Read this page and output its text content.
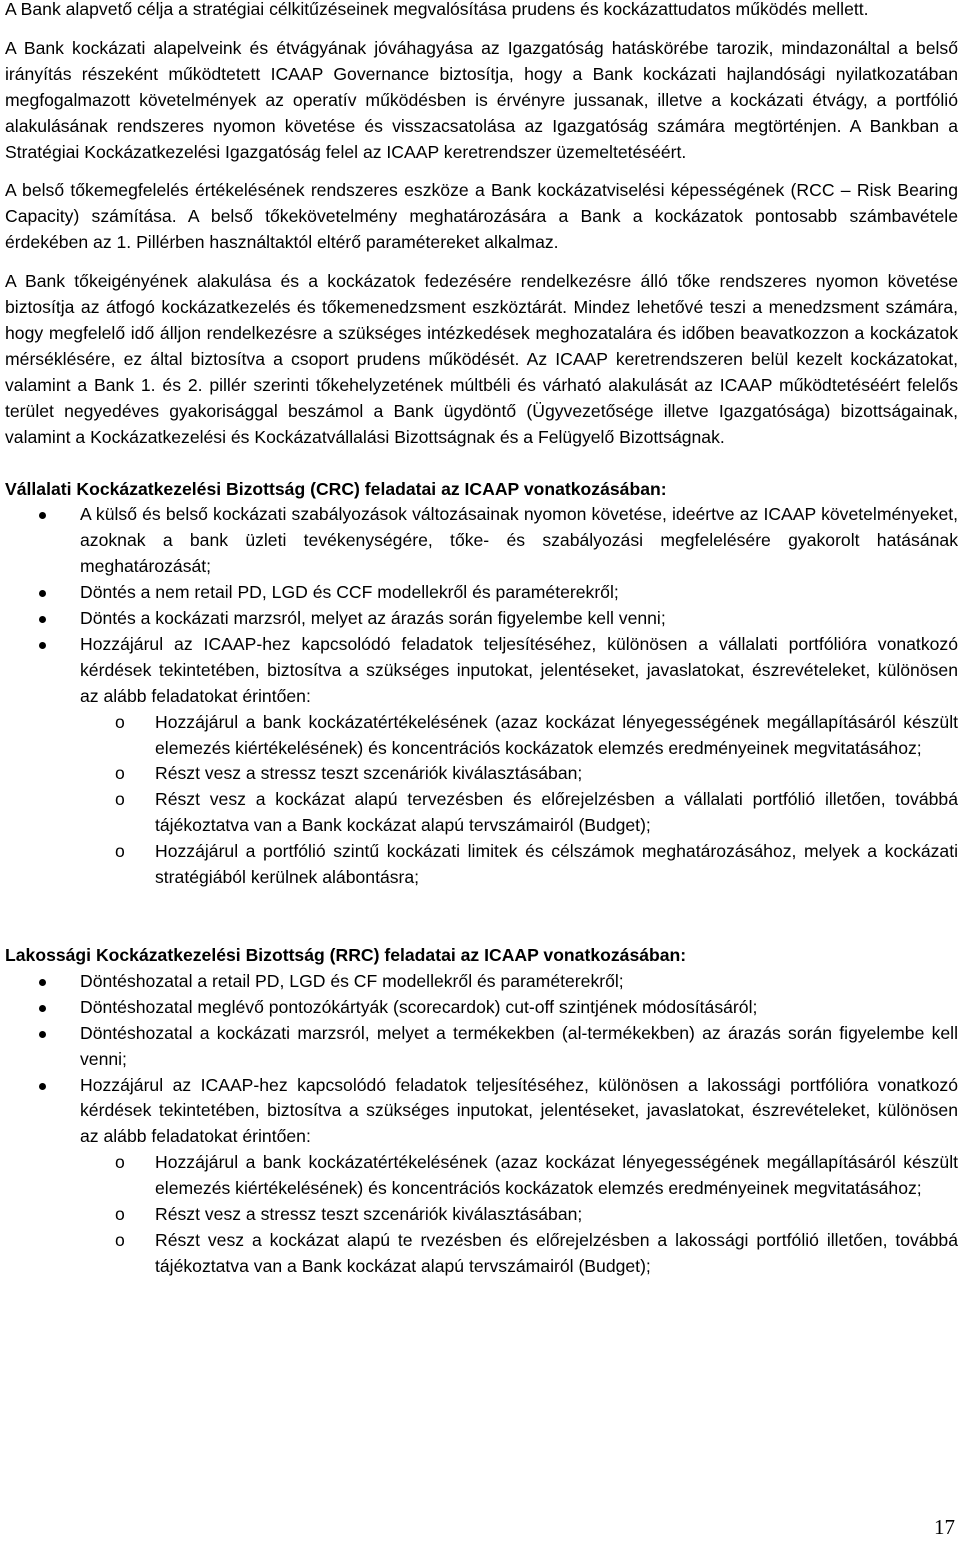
A Bank alapvető célja a stratégiai célkitűzéseinek megvalósítása prudens és kockázattudatos működés mellett.

A Bank kockázati alapelveink és étvágyának jóváhagyása az Igazgatóság hatáskörébe tarozik, mindazonáltal a belső irányítás részeként működtetett ICAAP Governance biztosítja, hogy a Bank kockázati hajlandósági nyilatkozatában megfogalmazott követelmények az operatív működésben is érvényre jussanak, illetve a kockázati étvágy, a portfólió alakulásának rendszeres nyomon követése és visszacsatolása az Igazgatóság számára megtörténjen. A Bankban a Stratégiai Kockázatkezelési Igazgatóság felel az ICAAP keretrendszer üzemeltetéséért.

A belső tőkemegfelelés értékelésének rendszeres eszköze a Bank kockázatviselési képességének (RCC – Risk Bearing Capacity) számítása. A belső tőkekövetelmény meghatározására a Bank a kockázatok pontosabb számbavétele érdekében az 1. Pillérben használtaktól eltérő paramétereket alkalmaz.

A Bank tőkeigényének alakulása és a kockázatok fedezésére rendelkezésre álló tőke rendszeres nyomon követése biztosítja az átfogó kockázatkezelés és tőkemenedzsment eszköztárát. Mindez lehetővé teszi a menedzsment számára, hogy megfelelő idő álljon rendelkezésre a szükséges intézkedések meghozatalára és időben beavatkozzon a kockázatok mérséklésére, ez által biztosítva a csoport prudens működését. Az ICAAP keretrendszeren belül kezelt kockázatokat, valamint a Bank 1. és 2. pillér szerinti tőkehelyzetének múltbéli és várható alakulását az ICAAP működtetéséért felelős terület negyedéves gyakorisággal beszámol a Bank ügydöntő (Ügyvezetősége illetve Igazgatósága) bizottságainak, valamint a Kockázatkezelési és Kockázatvállalási Bizottságnak és a Felügyelő Bizottságnak.

Vállalati Kockázatkezelési Bizottság (CRC) feladatai az ICAAP vonatkozásában:
A külső és belső kockázati szabályozások változásainak nyomon követése, ideértve az ICAAP követelményeket, azoknak a bank üzleti tevékenységére, tőke- és szabályozási megfelelésére gyakorolt hatásának meghatározását;
Döntés a nem retail PD, LGD és CCF modellekről és paraméterekről;
Döntés a kockázati marzsról, melyet az árazás során figyelembe kell venni;
Hozzájárul az ICAAP-hez kapcsolódó feladatok teljesítéséhez, különösen a vállalati portfólióra vonatkozó kérdések tekintetében, biztosítva a szükséges inputokat, jelentéseket, javaslatokat, észrevételeket, különösen az alább feladatokat érintően:
o Hozzájárul a bank kockázatértékelésének (azaz kockázat lényegességének megállapításáról készült elemezés kiértékelésének) és koncentrációs kockázatok elemzés eredményeinek megvitatásához;
o Részt vesz a stressz teszt szcenáriók kiválasztásában;
o Részt vesz a kockázat alapú tervezésben és előrejelzésben a vállalati portfólió illetően, továbbá tájékoztatva van a Bank kockázat alapú tervszámairól (Budget);
o Hozzájárul a portfólió szintű kockázati limitek és célszámok meghatározásához, melyek a kockázati stratégiából kerülnek alábontásra;
Lakossági Kockázatkezelési Bizottság (RRC) feladatai az ICAAP vonatkozásában:
Döntéshozatal a retail PD, LGD és CF modellekről és paraméterekről;
Döntéshozatal meglévő pontozókártyák (scorecardok) cut-off szintjének módosításáról;
Döntéshozatal a kockázati marzsról, melyet a termékekben (al-termékekben) az árazás során figyelembe kell venni;
Hozzájárul az ICAAP-hez kapcsolódó feladatok teljesítéséhez, különösen a lakossági portfólióra vonatkozó kérdések tekintetében, biztosítva a szükséges inputokat, jelentéseket, javaslatokat, észrevételeket, különösen az alább feladatokat érintően:
o Hozzájárul a bank kockázatértékelésének (azaz kockázat lényegességének megállapításáról készült elemezés kiértékelésének) és koncentrációs kockázatok elemzés eredményeinek megvitatásához;
o Részt vesz a stressz teszt szcenáriók kiválasztásában;
o Részt vesz a kockázat alapú te rvezésben és előrejelzésben a lakossági portfólió illetően, továbbá tájékoztatva van a Bank kockázat alapú tervszámairól (Budget);
17
